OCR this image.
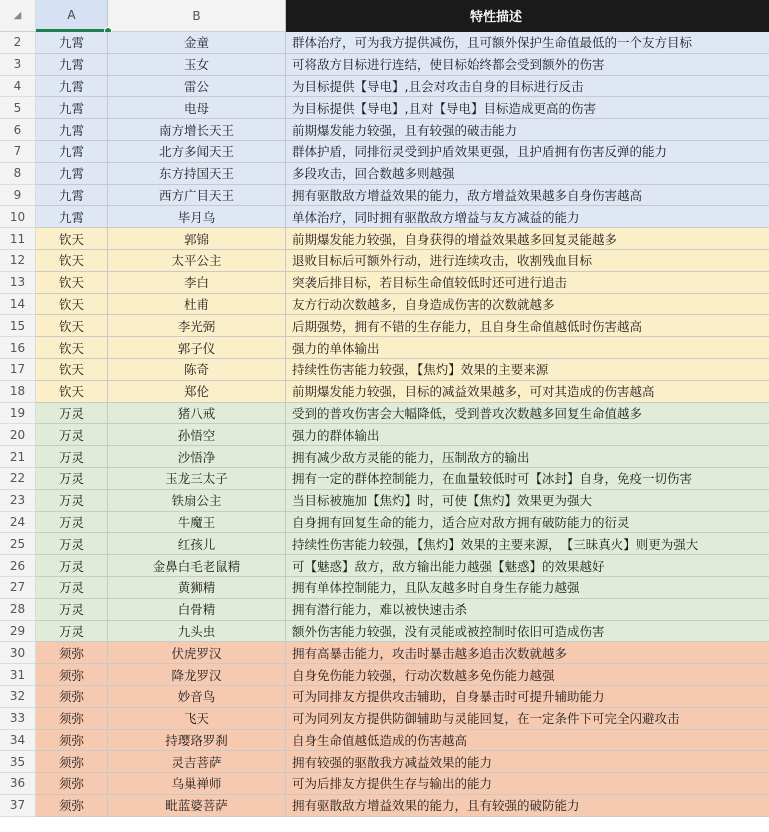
◢	A	B	特性描述
2	九霄	金童	群体治疗，可为我方提供减伤，且可额外保护生命值最低的一个友方目标
3	九霄	玉女	可将敌方目标进行连结，使目标始终都会受到额外的伤害
4	九霄	雷公	为目标提供【导电】,且会对攻击自身的目标进行反击
5	九霄	电母	为目标提供【导电】,且对【导电】目标造成更高的伤害
6	九霄	南方增长天王	前期爆发能力较强，且有较强的破击能力
7	九霄	北方多闻天王	群体护盾，同排衍灵受到护盾效果更强，且护盾拥有伤害反弹的能力
8	九霄	东方持国天王	多段攻击，回合数越多则越强
9	九霄	西方广目天王	拥有驱散敌方增益效果的能力，敌方增益效果越多自身伤害越高
10	九霄	毕月乌	单体治疗，同时拥有驱散敌方增益与友方减益的能力
11	钦天	郭锦	前期爆发能力较强，自身获得的增益效果越多回复灵能越多
12	钦天	太平公主	退败目标后可额外行动，进行连续攻击，收割残血目标
13	钦天	李白	突袭后排目标，若目标生命值较低时还可进行追击
14	钦天	杜甫	友方行动次数越多，自身造成伤害的次数就越多
15	钦天	李光弼	后期强势，拥有不错的生存能力，且自身生命值越低时伤害越高
16	钦天	郭子仪	强力的单体输出
17	钦天	陈奇	持续性伤害能力较强，【焦灼】效果的主要来源
18	钦天	郑伦	前期爆发能力较强，目标的减益效果越多，可对其造成的伤害越高
19	万灵	猪八戒	受到的普攻伤害会大幅降低，受到普攻次数越多回复生命值越多
20	万灵	孙悟空	强力的群体输出
21	万灵	沙悟净	拥有减少敌方灵能的能力，压制敌方的输出
22	万灵	玉龙三太子	拥有一定的群体控制能力，在血量较低时可【冰封】自身，免疫一切伤害
23	万灵	铁扇公主	当目标被施加【焦灼】时，可使【焦灼】效果更为强大
24	万灵	牛魔王	自身拥有回复生命的能力，适合应对敌方拥有破防能力的衍灵
25	万灵	红孩儿	持续性伤害能力较强，【焦灼】效果的主要来源，　【三昧真火】则更为强大
26	万灵	金鼻白毛老鼠精	可【魅惑】敌方，敌方输出能力越强【魅惑】的效果越好
27	万灵	黄狮精	拥有单体控制能力，且队友越多时自身生存能力越强
28	万灵	白骨精	拥有潜行能力，难以被快速击杀
29	万灵	九头虫	额外伤害能力较强，没有灵能或被控制时依旧可造成伤害
30	须弥	伏虎罗汉	拥有高暴击能力，攻击时暴击越多追击次数就越多
31	须弥	降龙罗汉	自身免伤能力较强，行动次数越多免伤能力越强
32	须弥	妙音鸟	可为同排友方提供攻击辅助，自身暴击时可提升辅助能力
33	须弥	飞天	可为同列友方提供防御辅助与灵能回复，在一定条件下可完全闪避攻击
34	须弥	持璎珞罗刹	自身生命值越低造成的伤害越高
35	须弥	灵吉菩萨	拥有较强的驱散我方减益效果的能力
36	须弥	乌巢禅师	可为后排友方提供生存与输出的能力
37	须弥	毗蓝婆菩萨	拥有驱散敌方增益效果的能力，且有较强的破防能力
